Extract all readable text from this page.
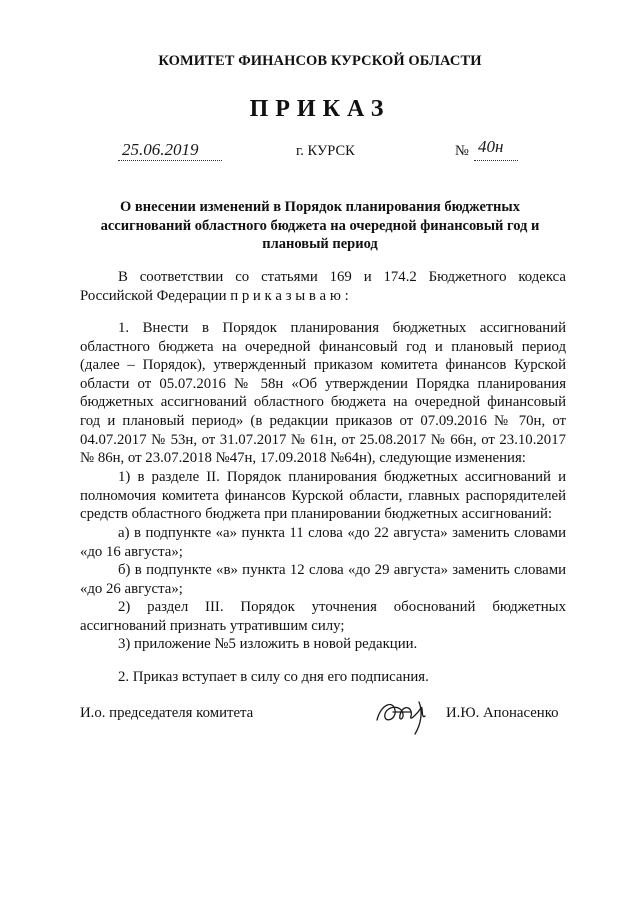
КОМИТЕТ ФИНАНСОВ КУРСКОЙ ОБЛАСТИ
ПРИКАЗ
25.06.2019	г. КУРСК	№ 40н
О внесении изменений в Порядок планирования бюджетных ассигнований областного бюджета на очередной финансовый год и плановый период

В соответствии со статьями 169 и 174.2 Бюджетного кодекса Российской Федерации п р и к а з ы в а ю :

1. Внести в Порядок планирования бюджетных ассигнований областного бюджета на очередной финансовый год и плановый период (далее – Порядок), утвержденный приказом комитета финансов Курской области от 05.07.2016 № 58н «Об утверждении Порядка планирования бюджетных ассигнований областного бюджета на очередной финансовый год и плановый период» (в редакции приказов от 07.09.2016 № 70н, от 04.07.2017 № 53н, от 31.07.2017 № 61н, от 25.08.2017 № 66н, от 23.10.2017 № 86н, от 23.07.2018 №47н, 17.09.2018 №64н), следующие изменения:

1) в разделе II. Порядок планирования бюджетных ассигнований и полномочия комитета финансов Курской области, главных распорядителей средств областного бюджета при планировании бюджетных ассигнований:

а) в подпункте «а» пункта 11 слова «до 22 августа» заменить словами «до 16 августа»;

б) в подпункте «в» пункта 12 слова «до 29 августа» заменить словами «до 26 августа»;

2) раздел III. Порядок уточнения обоснований бюджетных ассигнований признать утратившим силу;

3) приложение №5 изложить в новой редакции.

2. Приказ вступает в силу со дня его подписания.

И.о. председателя комитета	И.Ю. Апонасенко
